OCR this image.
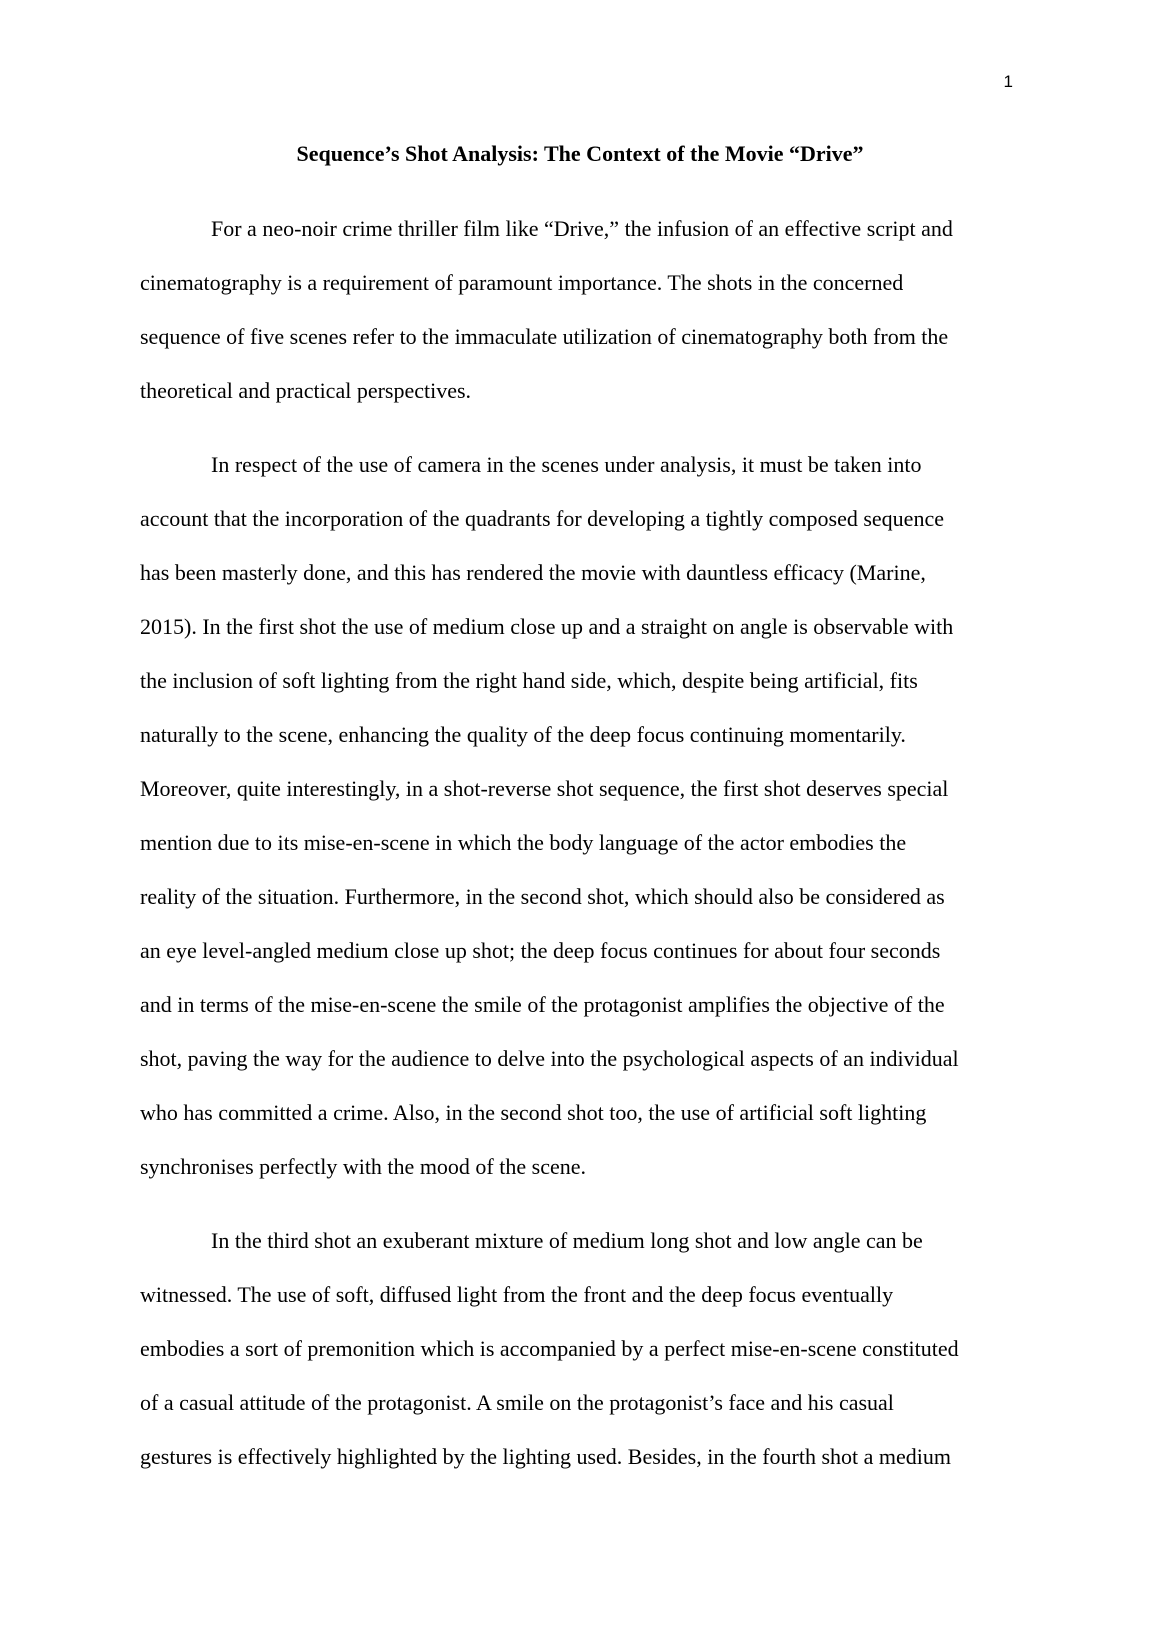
1
Sequence’s Shot Analysis: The Context of the Movie “Drive”

For a neo-noir crime thriller film like “Drive,” the infusion of an effective script and
cinematography is a requirement of paramount importance. The shots in the concerned
sequence of five scenes refer to the immaculate utilization of cinematography both from the
theoretical and practical perspectives.

In respect of the use of camera in the scenes under analysis, it must be taken into
account that the incorporation of the quadrants for developing a tightly composed sequence
has been masterly done, and this has rendered the movie with dauntless efficacy (Marine,
2015). In the first shot the use of medium close up and a straight on angle is observable with
the inclusion of soft lighting from the right hand side, which, despite being artificial, fits
naturally to the scene, enhancing the quality of the deep focus continuing momentarily.
Moreover, quite interestingly, in a shot-reverse shot sequence, the first shot deserves special
mention due to its mise-en-scene in which the body language of the actor embodies the
reality of the situation. Furthermore, in the second shot, which should also be considered as
an eye level-angled medium close up shot; the deep focus continues for about four seconds
and in terms of the mise-en-scene the smile of the protagonist amplifies the objective of the
shot, paving the way for the audience to delve into the psychological aspects of an individual
who has committed a crime. Also, in the second shot too, the use of artificial soft lighting
synchronises perfectly with the mood of the scene.

In the third shot an exuberant mixture of medium long shot and low angle can be
witnessed. The use of soft, diffused light from the front and the deep focus eventually
embodies a sort of premonition which is accompanied by a perfect mise-en-scene constituted
of a casual attitude of the protagonist. A smile on the protagonist’s face and his casual
gestures is effectively highlighted by the lighting used. Besides, in the fourth shot a medium
